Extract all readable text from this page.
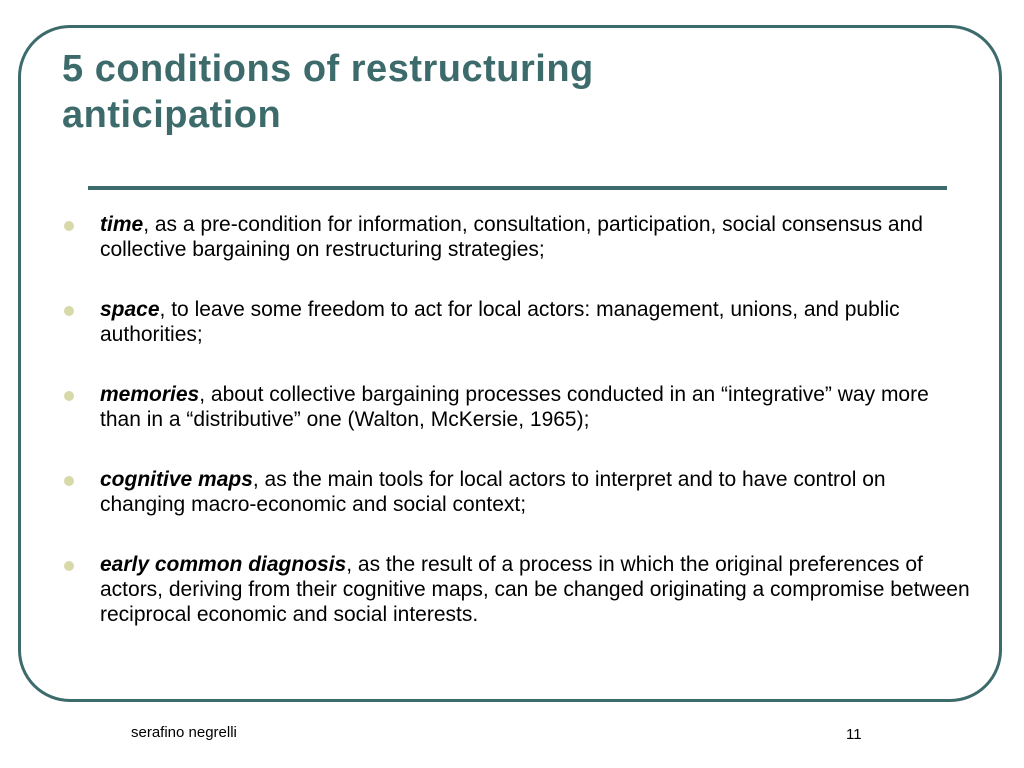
5 conditions of restructuring
anticipation
time, as a pre-condition for information, consultation, participation, social consensus and collective bargaining on restructuring strategies;
space, to leave some freedom to act for local actors: management, unions, and public authorities;
memories, about collective bargaining processes conducted in an “integrative” way more than in a “distributive” one (Walton, McKersie, 1965);
cognitive maps, as the main tools for local actors to interpret and to have control on changing macro-economic and social context;
early common diagnosis, as the result of a process in which the original preferences of actors, deriving from their cognitive maps, can be changed originating a compromise between reciprocal economic and social interests.
serafino negrelli	11
